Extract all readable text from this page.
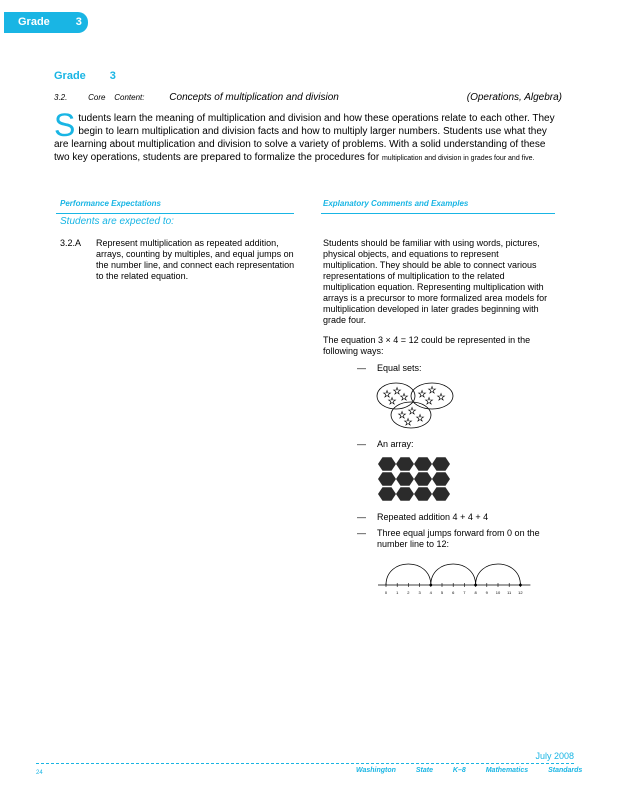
Grade 3
Grade 3
3.2.	Core Content: Concepts of multiplication and division	(Operations, Algebra)
Students learn the meaning of multiplication and division and how these operations relate to each other. They begin to learn multiplication and division facts and how to multiply larger numbers. Students use what they are learning about multiplication and division to solve a variety of problems. With a solid understanding of these two key operations, students are prepared to formalize the procedures for multiplication and division in grades four and five.
Performance Expectations	Explanatory Comments and Examples
Students are expected to:
3.2.A Represent multiplication as repeated addition, arrays, counting by multiples, and equal jumps on the number line, and connect each representation to the related equation.
Students should be familiar with using words, pictures, physical objects, and equations to represent multiplication. They should be able to connect various representations of multiplication to the related multiplication equation. Representing multiplication with arrays is a precursor to more formalized area models for multiplication developed in later grades beginning with grade four.
The equation 3 × 4 = 12 could be represented in the following ways:
—	Equal sets:
★ ★
★ ★ ★ ★
★ ★
★ ★
★ ★
—	An array:
—	Repeated addition 4 + 4 + 4
—	Three equal jumps forward from 0 on the number line to 12:
0 1 2 3 4 5 6 7 8 9 10 11 12
July 2008
24	Washington State K–8 Mathematics Standards
